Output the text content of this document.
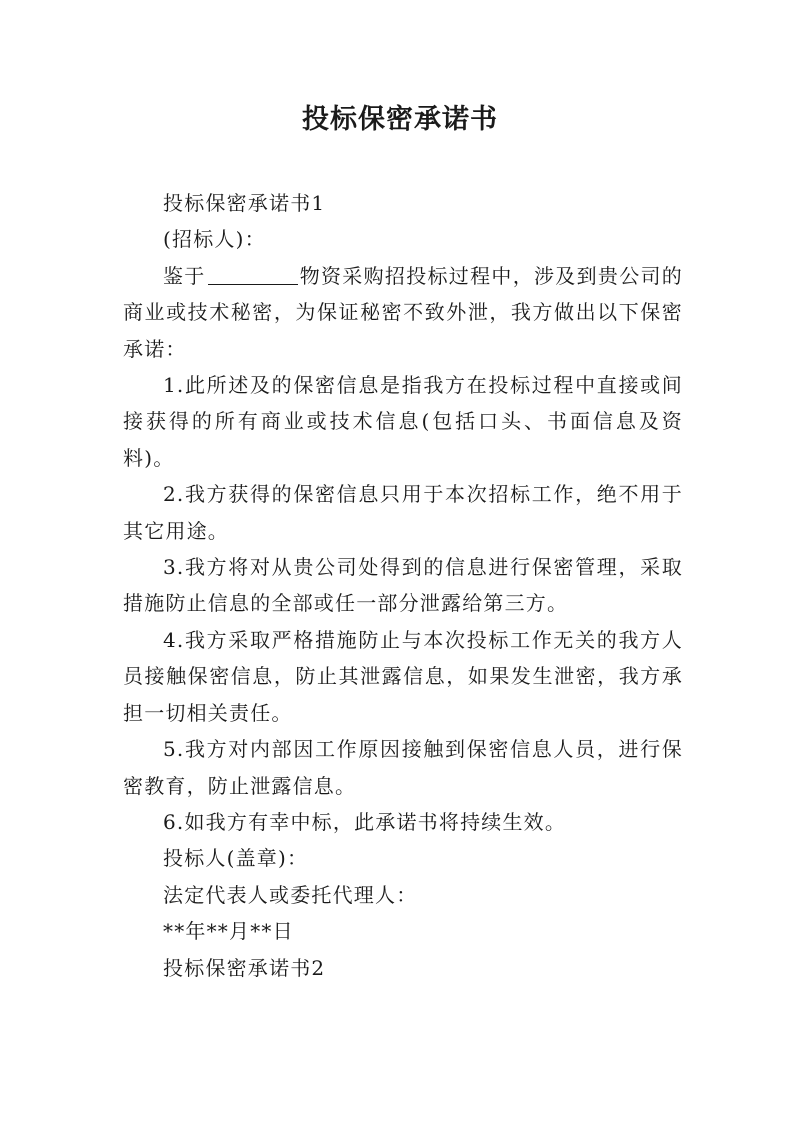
投标保密承诺书

投标保密承诺书1

(招标人)：

鉴于	物资采购招投标过程中，涉及到贵公司的商业或技术秘密，为保证秘密不致外泄，我方做出以下保密承诺：

1.此所述及的保密信息是指我方在投标过程中直接或间接获得的所有商业或技术信息(包括口头、书面信息及资料)。

2.我方获得的保密信息只用于本次招标工作，绝不用于其它用途。

3.我方将对从贵公司处得到的信息进行保密管理，采取措施防止信息的全部或任一部分泄露给第三方。

4.我方采取严格措施防止与本次投标工作无关的我方人员接触保密信息，防止其泄露信息，如果发生泄密，我方承担一切相关责任。

5.我方对内部因工作原因接触到保密信息人员，进行保密教育，防止泄露信息。

6.如我方有幸中标，此承诺书将持续生效。

投标人(盖章)：

法定代表人或委托代理人：

**年**月**日

投标保密承诺书2
